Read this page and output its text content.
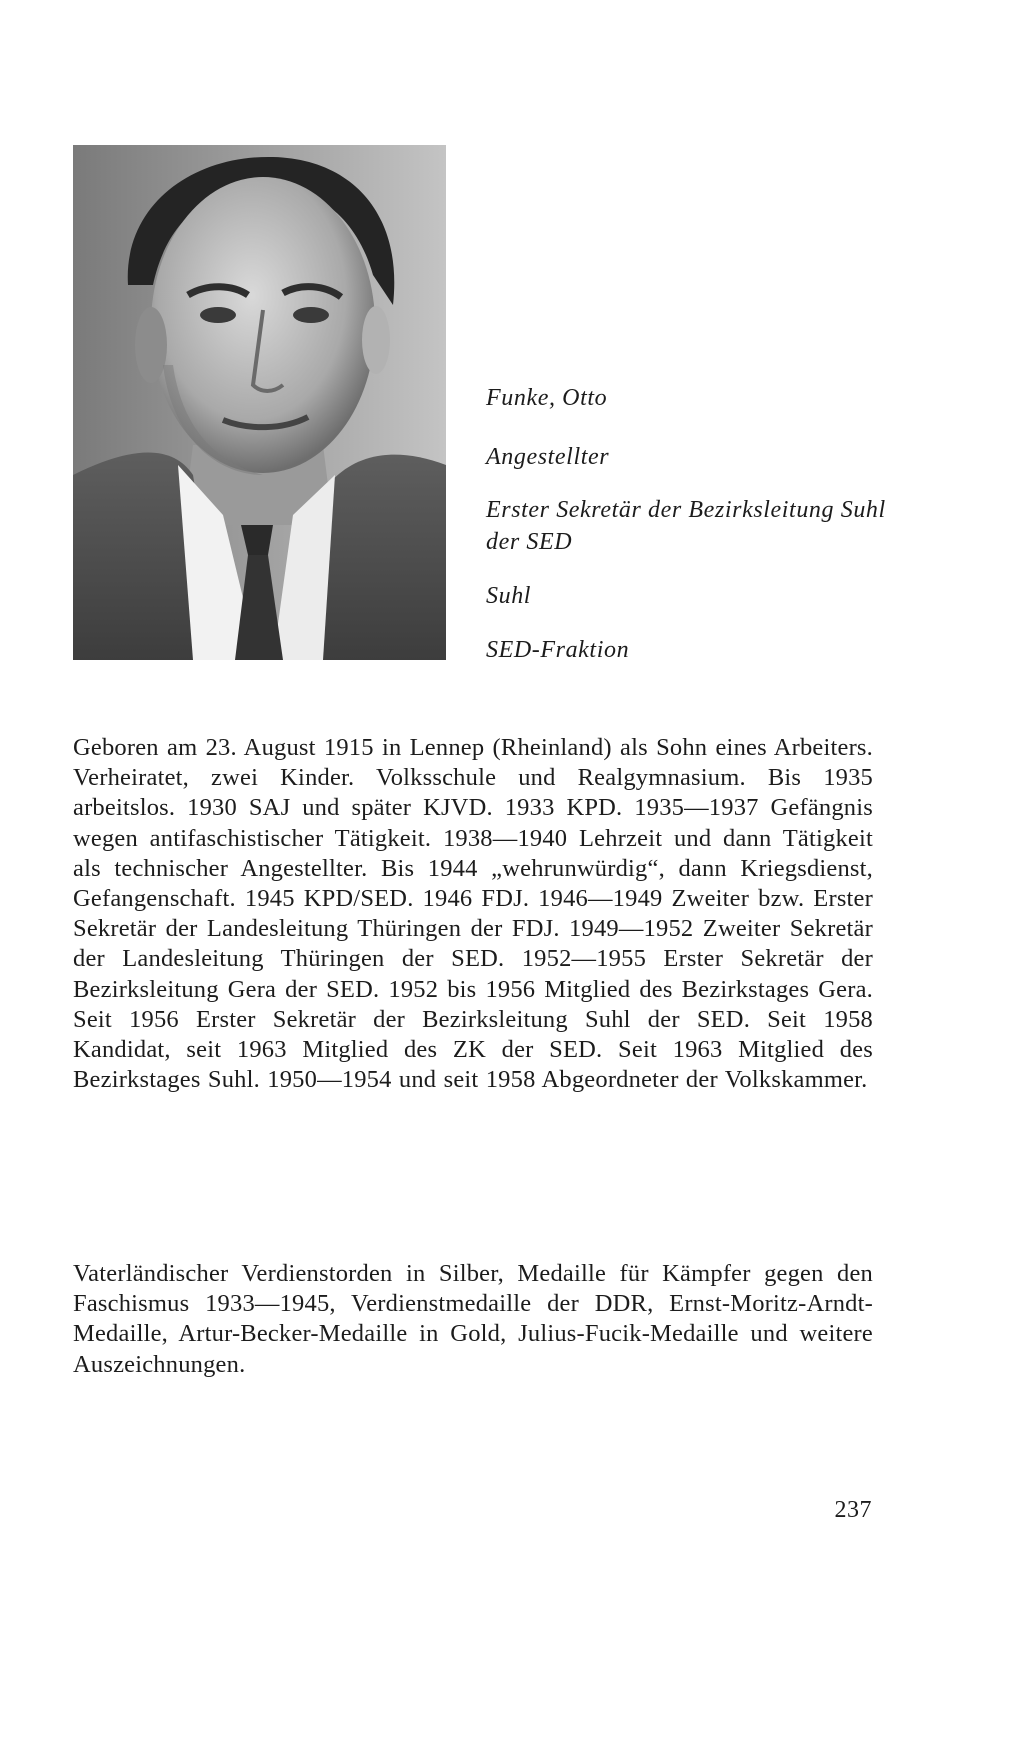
Funke, Otto
Angestellter
Erster Sekretär der Bezirksleitung Suhl der SED
Suhl
SED-Fraktion

Geboren am 23. August 1915 in Lennep (Rheinland) als Sohn eines Arbeiters. Verheiratet, zwei Kinder. Volksschule und Realgymnasium. Bis 1935 arbeitslos. 1930 SAJ und später KJVD. 1933 KPD. 1935—1937 Gefängnis wegen antifaschistischer Tätigkeit. 1938—1940 Lehrzeit und dann Tätigkeit als technischer Angestellter. Bis 1944 „wehrunwürdig“, dann Kriegsdienst, Gefangenschaft. 1945 KPD/SED. 1946 FDJ. 1946—1949 Zweiter bzw. Erster Sekretär der Landesleitung Thüringen der FDJ. 1949—1952 Zweiter Sekretär der Landesleitung Thüringen der SED. 1952—1955 Erster Sekretär der Bezirksleitung Gera der SED. 1952 bis 1956 Mitglied des Bezirkstages Gera. Seit 1956 Erster Sekretär der Bezirksleitung Suhl der SED. Seit 1958 Kandidat, seit 1963 Mitglied des ZK der SED. Seit 1963 Mitglied des Bezirkstages Suhl. 1950—1954 und seit 1958 Abgeordneter der Volkskammer.

Vaterländischer Verdienstorden in Silber, Medaille für Kämpfer gegen den Faschismus 1933—1945, Verdienstmedaille der DDR, Ernst-Moritz-Arndt-Medaille, Artur-Becker-Medaille in Gold, Julius-Fucik-Medaille und weitere Auszeichnungen.

237
